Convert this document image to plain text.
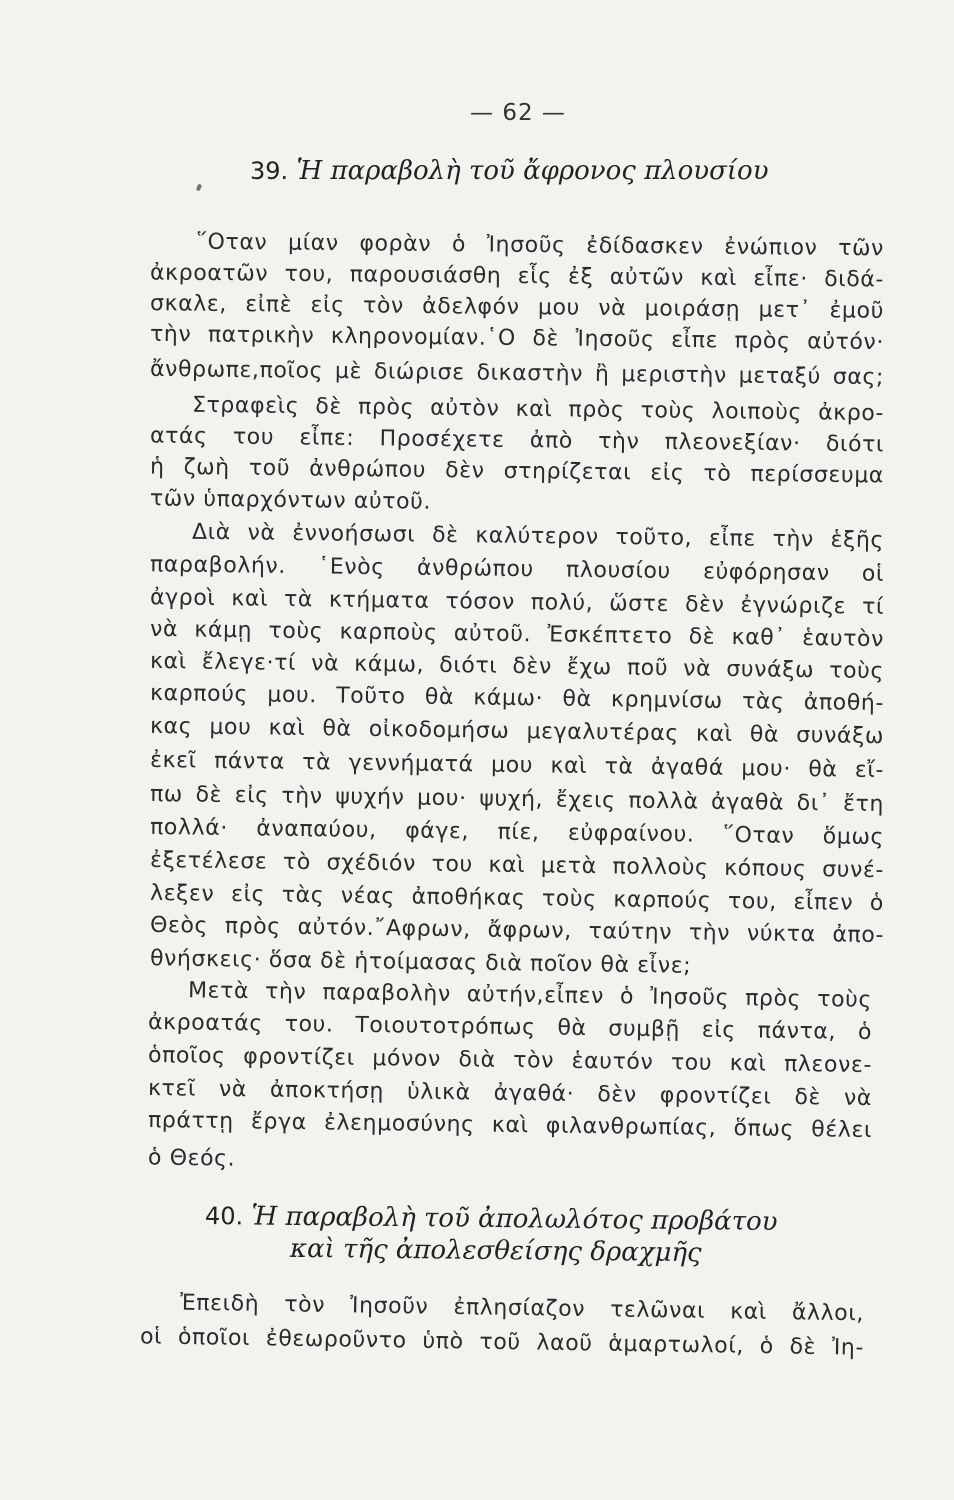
— 62 —
39. Ἡ παραβολὴ τοῦ ἄφρονος πλουσίου
῞Οταν μίαν φορὰν ὁ Ἰησοῦς ἐδίδασκεν ἐνώπιον τῶν
ἀκροατῶν του, παρουσιάσθη εἷς ἐξ αὐτῶν καὶ εἶπε· διδά-
σκαλε, εἰπὲ εἰς τὸν ἀδελφόν μου νὰ μοιράσῃ μετ᾿ ἐμοῦ
τὴν πατρικὴν κληρονομίαν.῾Ο δὲ Ἰησοῦς εἶπε πρὸς αὐτόν·
ἄνθρωπε,ποῖος μὲ διώρισε δικαστὴν ἢ μεριστὴν μεταξύ σας;
Στραφεὶς δὲ πρὸς αὐτὸν καὶ πρὸς τοὺς λοιποὺς ἀκρο-
ατάς του εἶπε: Προσέχετε ἀπὸ τὴν πλεονεξίαν· διότι
ἡ ζωὴ τοῦ ἀνθρώπου δὲν στηρίζεται εἰς τὸ περίσσευμα
τῶν ὑπαρχόντων αὐτοῦ.
Διὰ νὰ ἐννοήσωσι δὲ καλύτερον τοῦτο, εἶπε τὴν ἑξῆς
παραβολήν. ῾Ενὸς ἀνθρώπου πλουσίου εὐφόρησαν οἱ
ἀγροὶ καὶ τὰ κτήματα τόσον πολύ, ὥστε δὲν ἐγνώριζε τί
νὰ κάμῃ τοὺς καρποὺς αὐτοῦ. Ἐσκέπτετο δὲ καθ᾿ ἑαυτὸν
καὶ ἔλεγε·τί νὰ κάμω, διότι δὲν ἔχω ποῦ νὰ συνάξω τοὺς
καρπούς μου. Τοῦτο θὰ κάμω· θὰ κρημνίσω τὰς ἀποθή-
κας μου καὶ θὰ οἰκοδομήσω μεγαλυτέρας καὶ θὰ συνάξω
ἐκεῖ πάντα τὰ γεννήματά μου καὶ τὰ ἀγαθά μου· θὰ εἴ-
πω δὲ εἰς τὴν ψυχήν μου· ψυχή, ἔχεις πολλὰ ἀγαθὰ δι᾿ ἔτη
πολλά· ἀναπαύου, φάγε, πίε, εὐφραίνου. ῞Οταν ὅμως
ἐξετέλεσε τὸ σχέδιόν του καὶ μετὰ πολλοὺς κόπους συνέ-
λεξεν εἰς τὰς νέας ἀποθήκας τοὺς καρπούς του, εἶπεν ὁ
Θεὸς πρὸς αὐτόν.῎Αφρων, ἄφρων, ταύτην τὴν νύκτα ἀπο-
θνήσκεις· ὅσα δὲ ἡτοίμασας διὰ ποῖον θὰ εἶνε;
Μετὰ τὴν παραβολὴν αὐτήν,εἶπεν ὁ Ἰησοῦς πρὸς τοὺς
ἀκροατάς του. Τοιουτοτρόπως θὰ συμβῇ εἰς πάντα, ὁ
ὁποῖος φροντίζει μόνον διὰ τὸν ἑαυτόν του καὶ πλεονε-
κτεῖ νὰ ἀποκτήσῃ ὑλικὰ ἀγαθά· δὲν φροντίζει δὲ νὰ
πράττῃ ἔργα ἐλεημοσύνης καὶ φιλανθρωπίας, ὅπως θέλει
ὁ Θεός.
40. Ἡ παραβολὴ τοῦ ἀπολωλότος προβάτου
καὶ τῆς ἀπολεσθείσης δραχμῆς
Ἐπειδὴ τὸν Ἰησοῦν ἐπλησίαζον τελῶναι καὶ ἄλλοι,
οἱ ὁποῖοι ἐθεωροῦντο ὑπὸ τοῦ λαοῦ ἁμαρτωλοί, ὁ δὲ Ἰη-
